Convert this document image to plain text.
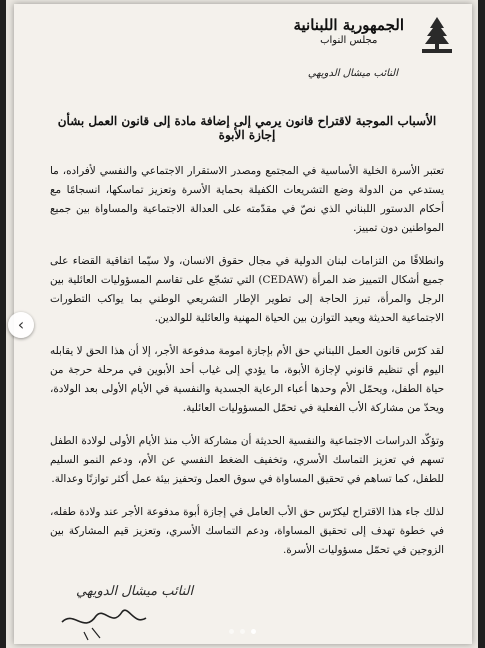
الجمهورية اللبنانية
مجلس النواب
النائب ميشال الدويهي
الأسباب الموجبة لاقتراح قانون يرمي إلى إضافة مادة إلى قانون العمل بشأن إجازة الأبوة

تعتبر الأسرة الخلية الأساسية في المجتمع ومصدر الاستقرار الاجتماعي والنفسي لأفراده، ما يستدعي من الدولة وضع التشريعات الكفيلة بحماية الأسرة وتعزيز تماسكها، انسجامًا مع أحكام الدستور اللبناني الذي نصّ في مقدّمته على العدالة الاجتماعية والمساواة بين جميع المواطنين دون تمييز.

وانطلاقًا من التزامات لبنان الدولية في مجال حقوق الانسان، ولا سيّما اتفاقية القضاء على جميع أشكال التمييز ضد المرأة (CEDAW) التي تشجّع على تقاسم المسؤوليات العائلية بين الرجل والمرأة، تبرز الحاجة إلى تطوير الإطار التشريعي الوطني بما يواكب التطورات الاجتماعية الحديثة ويعيد التوازن بين الحياة المهنية والعائلية للوالدين.

لقد كرّس قانون العمل اللبناني حق الأم بإجازة امومة مدفوعة الأجر، إلا أن هذا الحق لا يقابله اليوم أي تنظيم قانوني لإجازة الأبوة، ما يؤدي إلى غياب أحد الأبوين في مرحلة حرجة من حياة الطفل، ويحمّل الأم وحدها أعباء الرعاية الجسدية والنفسية في الأيام الأولى بعد الولادة، ويحدّ من مشاركة الأب الفعلية في تحمّل المسؤوليات العائلية.

وتؤكّد الدراسات الاجتماعية والنفسية الحديثة أن مشاركة الأب منذ الأيام الأولى لولادة الطفل تسهم في تعزيز التماسك الأسري، وتخفيف الضغط النفسي عن الأم، ودعم النمو السليم للطفل، كما تساهم في تحقيق المساواة في سوق العمل وتحفيز بيئة عمل أكثر توازنًا وعدالة.

لذلك جاء هذا الاقتراح ليكرّس حق الأب العامل في إجازة أبوة مدفوعة الأجر عند ولادة طفله، في خطوة تهدف إلى تحقيق المساواة، ودعم التماسك الأسري، وتعزيز قيم المشاركة بين الزوجين في تحمّل مسؤوليات الأسرة.

النائب ميشال الدويهي
‹
